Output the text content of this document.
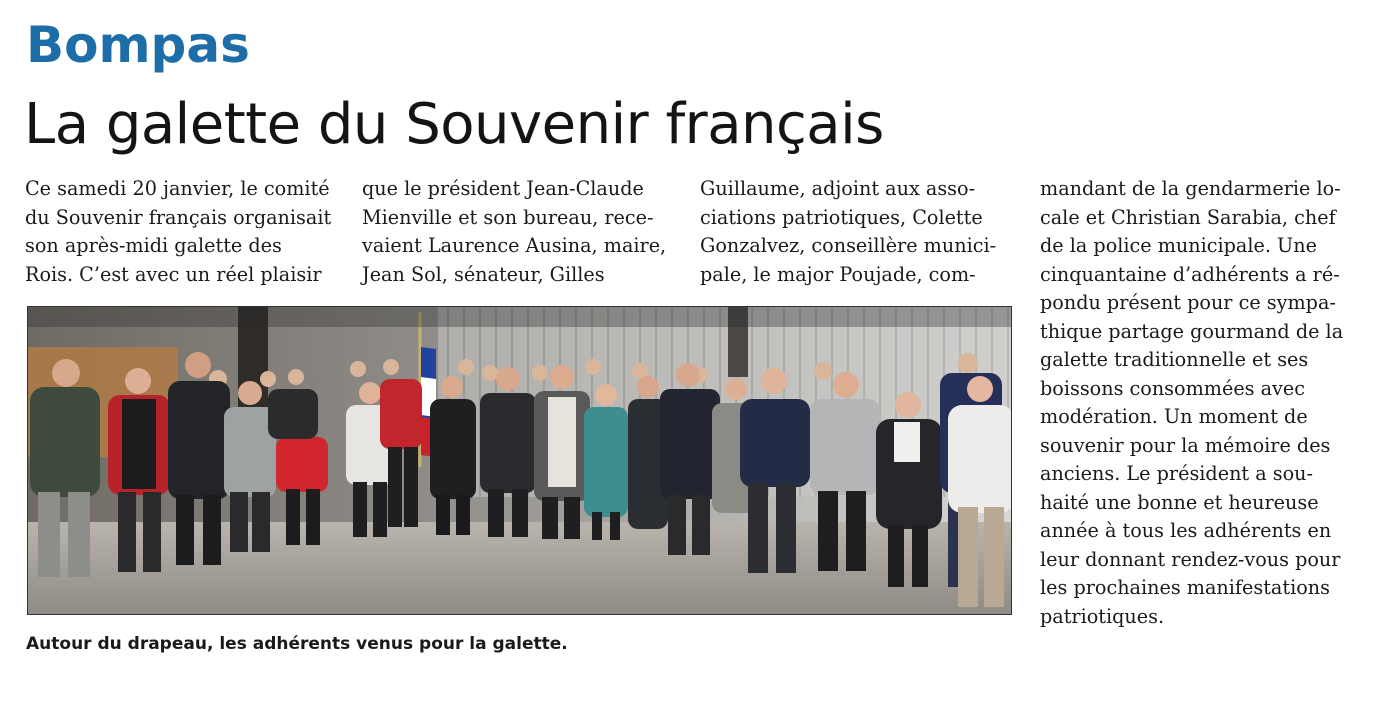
Bompas
La galette du Souvenir français
Ce samedi 20 janvier, le comité
du Souvenir français organisait
son après-midi galette des
Rois. C’est avec un réel plaisir
que le président Jean-Claude
Mienville et son bureau, rece-
vaient Laurence Ausina, maire,
Jean Sol, sénateur, Gilles
Guillaume, adjoint aux asso-
ciations patriotiques, Colette
Gonzalvez, conseillère munici-
pale, le major Poujade, com-
mandant de la gendarmerie lo-
cale et Christian Sarabia, chef
de la police municipale. Une
cinquantaine d’adhérents a ré-
pondu présent pour ce sympa-
thique partage gourmand de la
galette traditionnelle et ses
boissons consommées avec
modération. Un moment de
souvenir pour la mémoire des
anciens. Le président a sou-
haité une bonne et heureuse
année à tous les adhérents en
leur donnant rendez-vous pour
les prochaines manifestations
patriotiques.
Autour du drapeau, les adhérents venus pour la galette.
